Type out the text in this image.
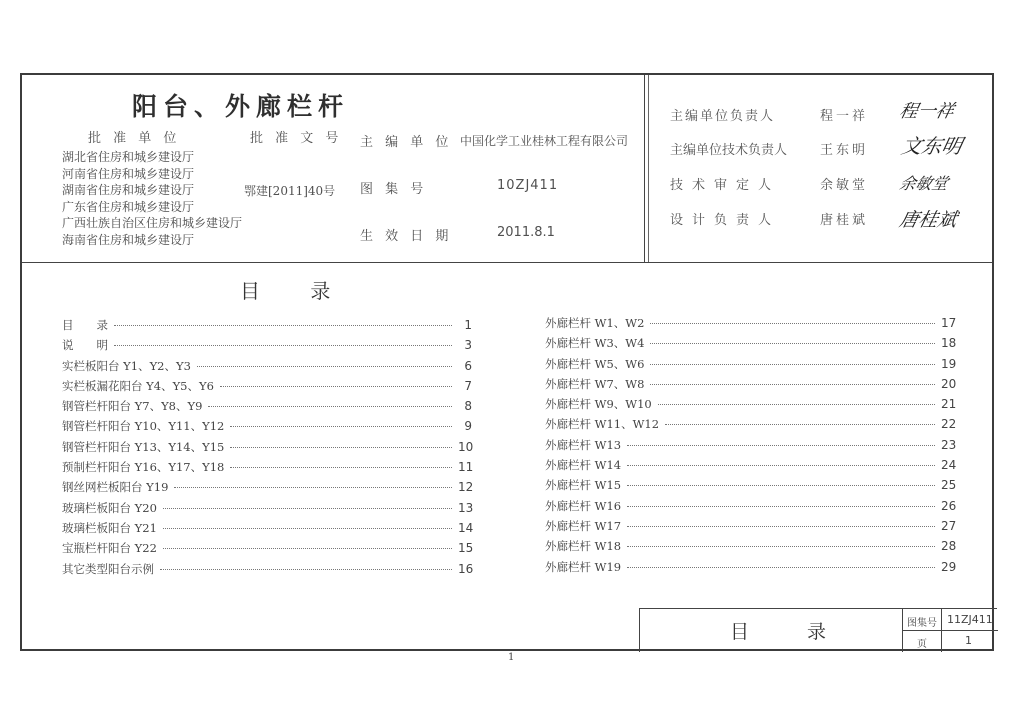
阳台、外廊栏杆
批 准 单 位
湖北省住房和城乡建设厅
河南省住房和城乡建设厅
湖南省住房和城乡建设厅
广东省住房和城乡建设厅
广西壮族自治区住房和城乡建设厅
海南省住房和城乡建设厅
批 准 文 号
鄂建[2011]40号
主 编 单 位 中国化学工业桂林工程有限公司
图 集 号	10ZJ411
生 效 日 期	2011.8.1
主编单位负责人	程一祥
主编单位技术负责人	王东明
技术审定人	余敏堂
设计负责人	唐桂斌
程一祥
文东明
余敏堂
唐桂斌
目 录
目　　录	1
说　　明	3
实栏板阳台 Y1、Y2、Y3	6
实栏板漏花阳台 Y4、Y5、Y6	7
钢管栏杆阳台 Y7、Y8、Y9	8
钢管栏杆阳台 Y10、Y11、Y12	9
钢管栏杆阳台 Y13、Y14、Y15	10
预制栏杆阳台 Y16、Y17、Y18	11
钢丝网栏板阳台 Y19	12
玻璃栏板阳台 Y20	13
玻璃栏板阳台 Y21	14
宝瓶栏杆阳台 Y22	15
其它类型阳台示例	16
外廊栏杆 W1、W2	17
外廊栏杆 W3、W4	18
外廊栏杆 W5、W6	19
外廊栏杆 W7、W8	20
外廊栏杆 W9、W10	21
外廊栏杆 W11、W12	22
外廊栏杆 W13	23
外廊栏杆 W14	24
外廊栏杆 W15	25
外廊栏杆 W16	26
外廊栏杆 W17	27
外廊栏杆 W18	28
外廊栏杆 W19	29
目 录	图集号 11ZJ411
页	1
1
